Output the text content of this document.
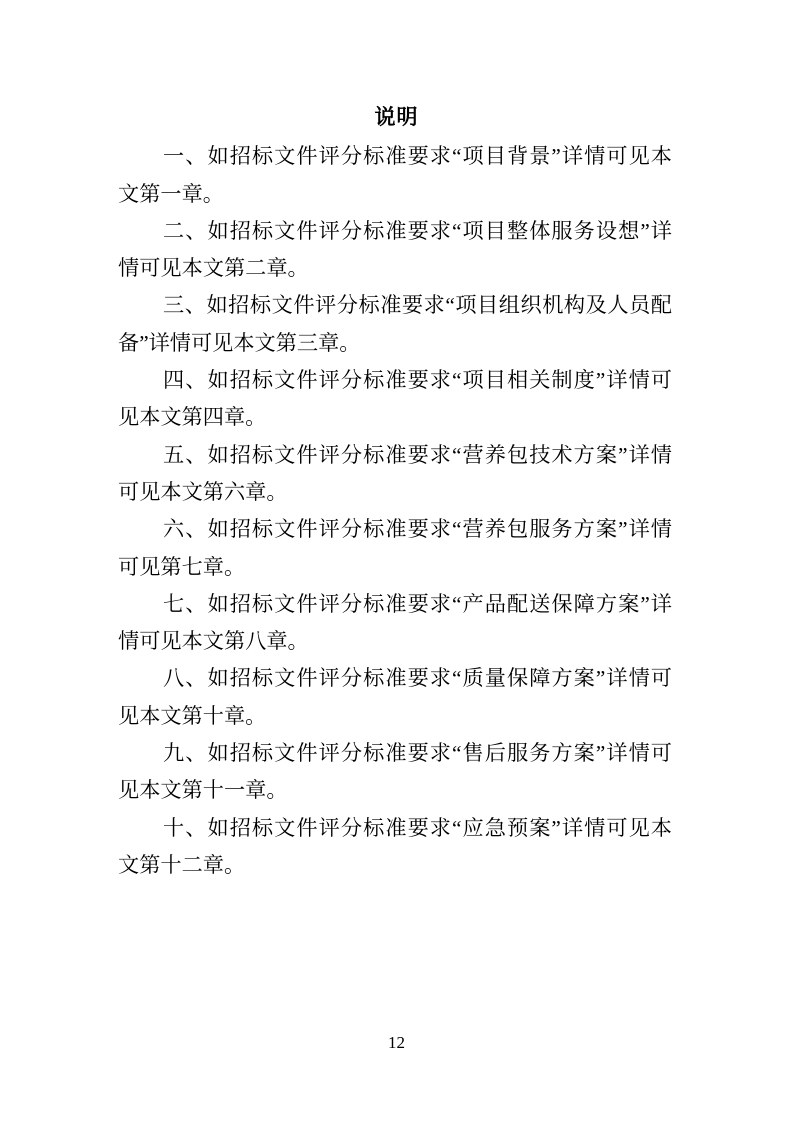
说明

一、如招标文件评分标准要求“项目背景”详情可见本
文第一章。

二、如招标文件评分标准要求“项目整体服务设想”详
情可见本文第二章。

三、如招标文件评分标准要求“项目组织机构及人员配
备”详情可见本文第三章。

四、如招标文件评分标准要求“项目相关制度”详情可
见本文第四章。

五、如招标文件评分标准要求“营养包技术方案”详情
可见本文第六章。

六、如招标文件评分标准要求“营养包服务方案”详情
可见第七章。

七、如招标文件评分标准要求“产品配送保障方案”详
情可见本文第八章。

八、如招标文件评分标准要求“质量保障方案”详情可
见本文第十章。

九、如招标文件评分标准要求“售后服务方案”详情可
见本文第十一章。

十、如招标文件评分标准要求“应急预案”详情可见本
文第十二章。

12
